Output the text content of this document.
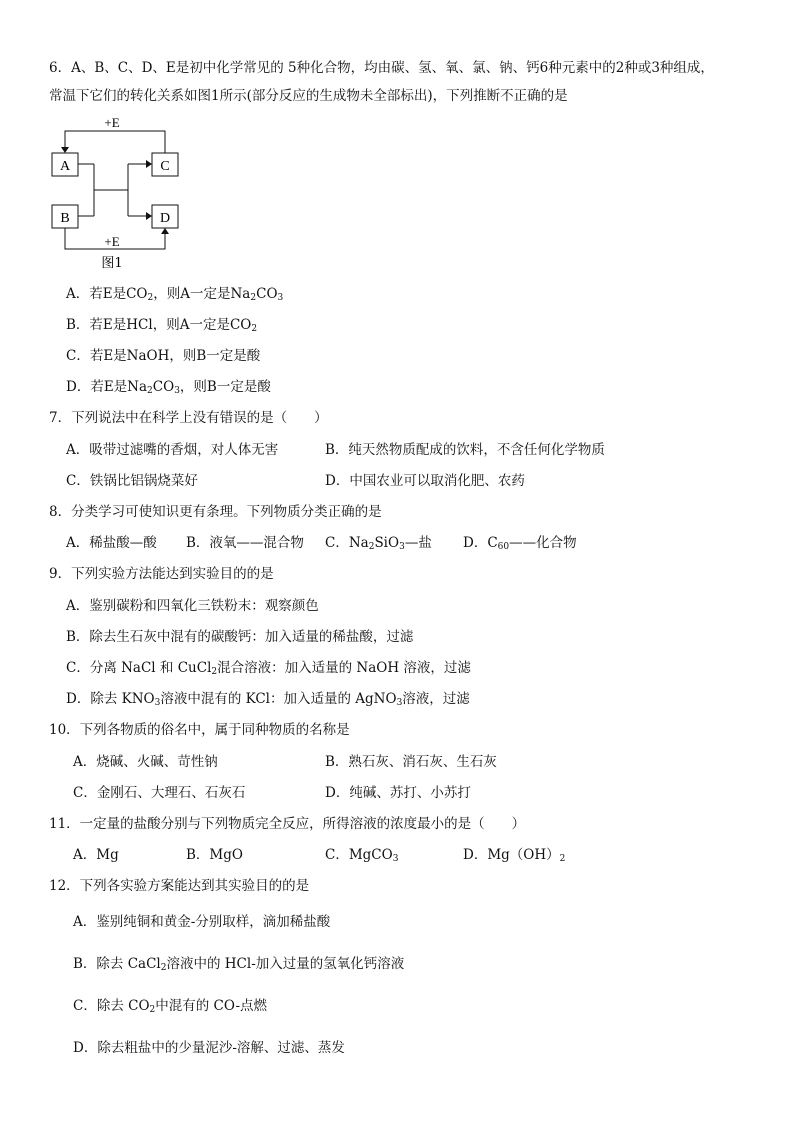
6．A、B、C、D、E是初中化学常见的 5种化合物，均由碳、氢、氧、氯、钠、钙6种元素中的2种或3种组成，
常温下它们的转化关系如图1所示(部分反应的生成物未全部标出)，下列推断不正确的是
A
B
C
D
+E
+E
图1
A．若E是$CO_2$，则A一定是$Na_2CO_3$
B．若E是HCl，则A一定是$CO_2$
C．若E是NaOH，则B一定是酸
D．若E是$Na_2CO_3$，则B一定是酸
7．下列说法中在科学上没有错误的是（　　）
A．吸带过滤嘴的香烟，对人体无害	B．纯天然物质配成的饮料，不含任何化学物质
C．铁锅比铝锅烧菜好	D．中国农业可以取消化肥、农药
8．分类学习可使知识更有条理。下列物质分类正确的是
A．稀盐酸—酸 B．液氧——混合物 C．$Na_2SiO_3—$盐 D．$C_{60}——$化合物
9．下列实验方法能达到实验目的的是
A．鉴别碳粉和四氧化三铁粉末：观察颜色
B．除去生石灰中混有的碳酸钙：加入适量的稀盐酸，过滤
C．分离 NaCl 和 CuCl$_2$混合溶液：加入适量的 NaOH 溶液，过滤
D．除去 $KNO_3$溶液中混有的 KCl：加入适量的 AgNO$_3$溶液，过滤
10．下列各物质的俗名中，属于同种物质的名称是
A．烧碱、火碱、苛性钠	B．熟石灰、消石灰、生石灰
C．金刚石、大理石、石灰石	D．纯碱、苏打、小苏打
11．一定量的盐酸分别与下列物质完全反应，所得溶液的浓度最小的是（　　）
A．Mg	B．MgO	C．MgCO$_3$	D．$Mg(OH)_2$
12．下列各实验方案能达到其实验目的的是
A．鉴别纯铜和黄金-分别取样，滴加稀盐酸
B．除去 CaCl$_2$溶液中的 HCl-加入过量的氢氧化钙溶液
C．除去 $CO_2$中混有的 CO-点燃
D．除去粗盐中的少量泥沙-溶解、过滤、蒸发
